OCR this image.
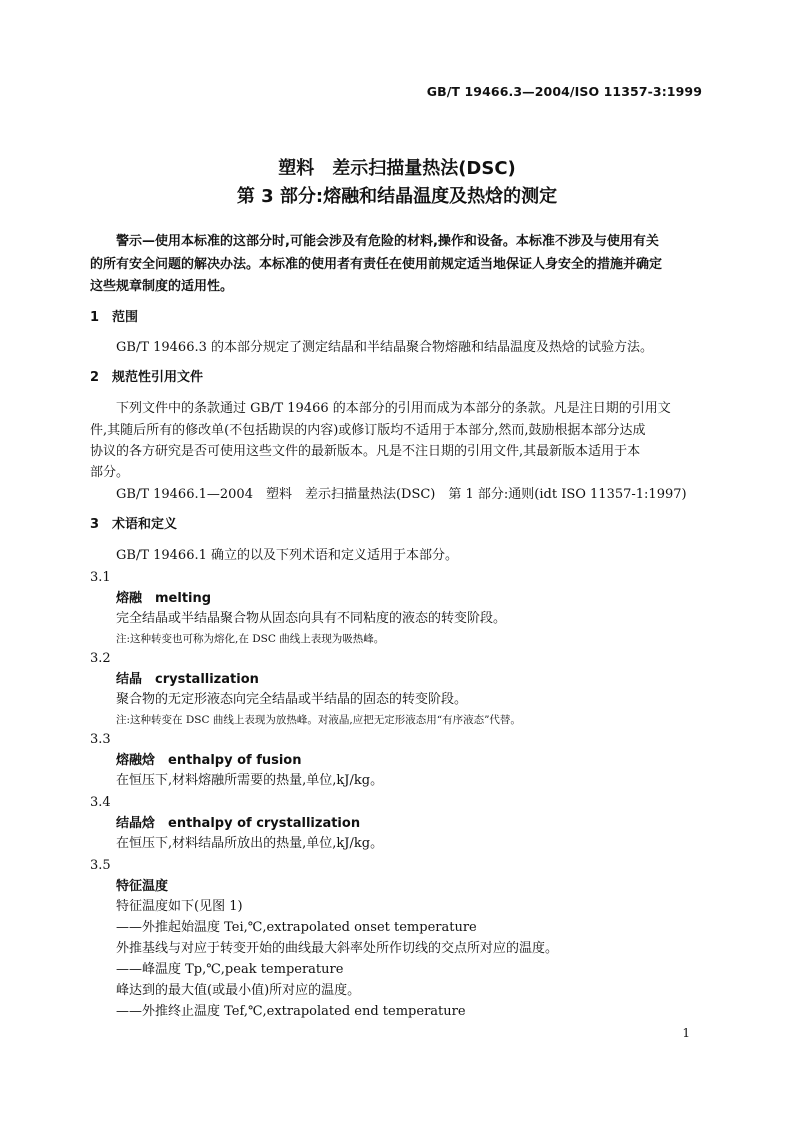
GB/T 19466.3—2004/ISO 11357-3:1999
塑料　差示扫描量热法(DSC)
第 3 部分:熔融和结晶温度及热焓的测定
警示—使用本标准的这部分时,可能会涉及有危险的材料,操作和设备。本标准不涉及与使用有关
的所有安全问题的解决办法。本标准的使用者有责任在使用前规定适当地保证人身安全的措施并确定
这些规章制度的适用性。
1　范围
GB/T 19466.3 的本部分规定了测定结晶和半结晶聚合物熔融和结晶温度及热焓的试验方法。
2　规范性引用文件
下列文件中的条款通过 GB/T 19466 的本部分的引用而成为本部分的条款。凡是注日期的引用文
件,其随后所有的修改单(不包括勘误的内容)或修订版均不适用于本部分,然而,鼓励根据本部分达成
协议的各方研究是否可使用这些文件的最新版本。凡是不注日期的引用文件,其最新版本适用于本
部分。
GB/T 19466.1—2004　塑料　差示扫描量热法(DSC)　第 1 部分:通则(idt ISO 11357-1:1997)
3　术语和定义
GB/T 19466.1 确立的以及下列术语和定义适用于本部分。
3.1
熔融　melting
完全结晶或半结晶聚合物从固态向具有不同粘度的液态的转变阶段。
注:这种转变也可称为熔化,在 DSC 曲线上表现为吸热峰。
3.2
结晶　crystallization
聚合物的无定形液态向完全结晶或半结晶的固态的转变阶段。
注:这种转变在 DSC 曲线上表现为放热峰。对液晶,应把无定形液态用“有序液态”代替。
3.3
熔融焓　enthalpy of fusion
在恒压下,材料熔融所需要的热量,单位,kJ/kg。
3.4
结晶焓　enthalpy of crystallization
在恒压下,材料结晶所放出的热量,单位,kJ/kg。
3.5
特征温度
特征温度如下(见图 1)
——外推起始温度 Tei,℃,extrapolated onset temperature
外推基线与对应于转变开始的曲线最大斜率处所作切线的交点所对应的温度。
——峰温度 Tp,℃,peak temperature
峰达到的最大值(或最小值)所对应的温度。
——外推终止温度 Tef,℃,extrapolated end temperature
1
